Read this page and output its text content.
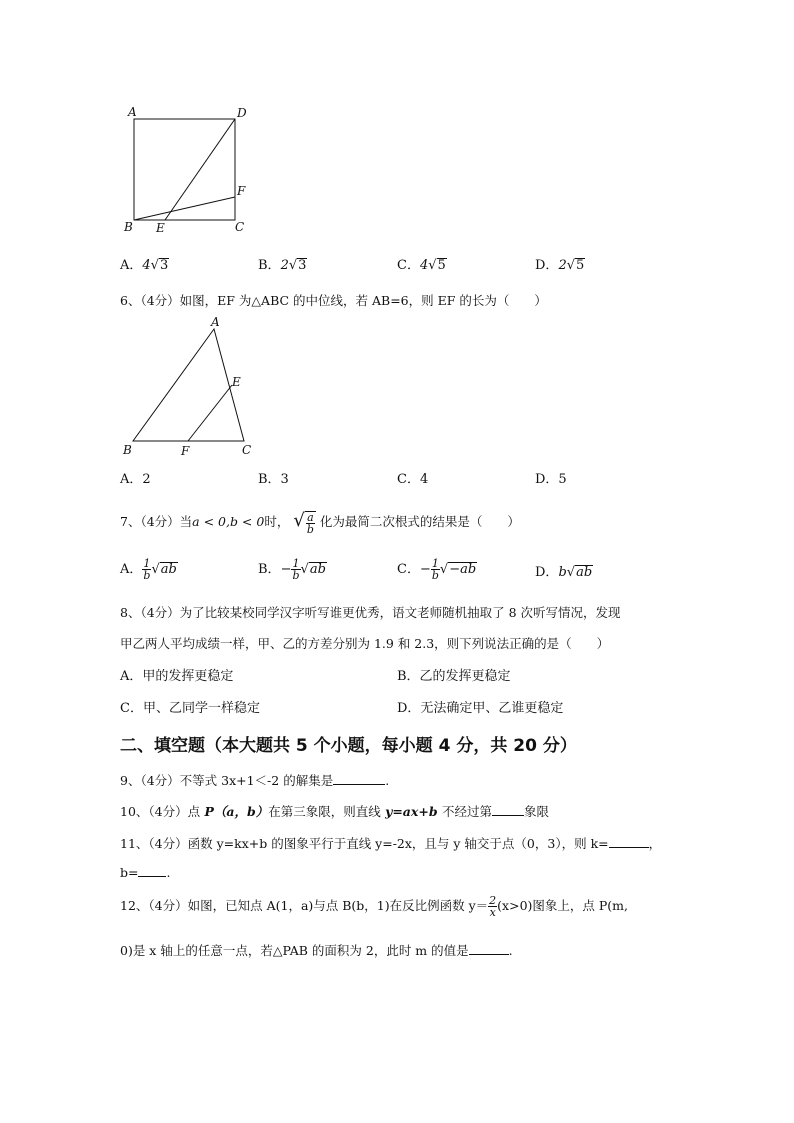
A	D
F
B E	C
A．4√3	B．2√3	C．4√5	D．2√5
6、（4分）如图，EF 为△ABC 的中位线，若 AB=6，则 EF 的长为（　　）
A
E
B	F	C
A．2	B．3	C．4	D．5
7、（4分）当a < 0,b < 0时， √ $\frac{a}{b}$ 化为最简二次根式的结果是（　　）
A． $\frac{1}{b} √ab$	B．− $\frac{1}{b} √ab$	C．− $\frac{1}{b} √-ab$	D．b√ab
8、（4分）为了比较某校同学汉字听写谁更优秀，语文老师随机抽取了 8 次听写情况，发现
甲乙两人平均成绩一样，甲、乙的方差分别为 1.9 和 2.3，则下列说法正确的是（　　）
A．甲的发挥更稳定	B．乙的发挥更稳定
C．甲、乙同学一样稳定	D．无法确定甲、乙谁更稳定
二、填空题（本大题共 5 个小题，每小题 4 分，共 20 分）
9、（4分）不等式 3x+1＜-2 的解集是	.
10、（4分）点 P（a，b）在第三象限，则直线 y=ax+b 不经过第	象限
11、（4分）函数 y=kx+b 的图象平行于直线 y=-2x，且与 y 轴交于点（0，3），则 k=	，
b= .
12、（4分）如图，已知点 A(1，a)与点 B(b，1)在反比例函数 $y= \frac{2}{x} (x>0)$图象上，点 P(m,
0)是 x 轴上的任意一点，若△PAB 的面积为 2，此时 m 的值是	.
